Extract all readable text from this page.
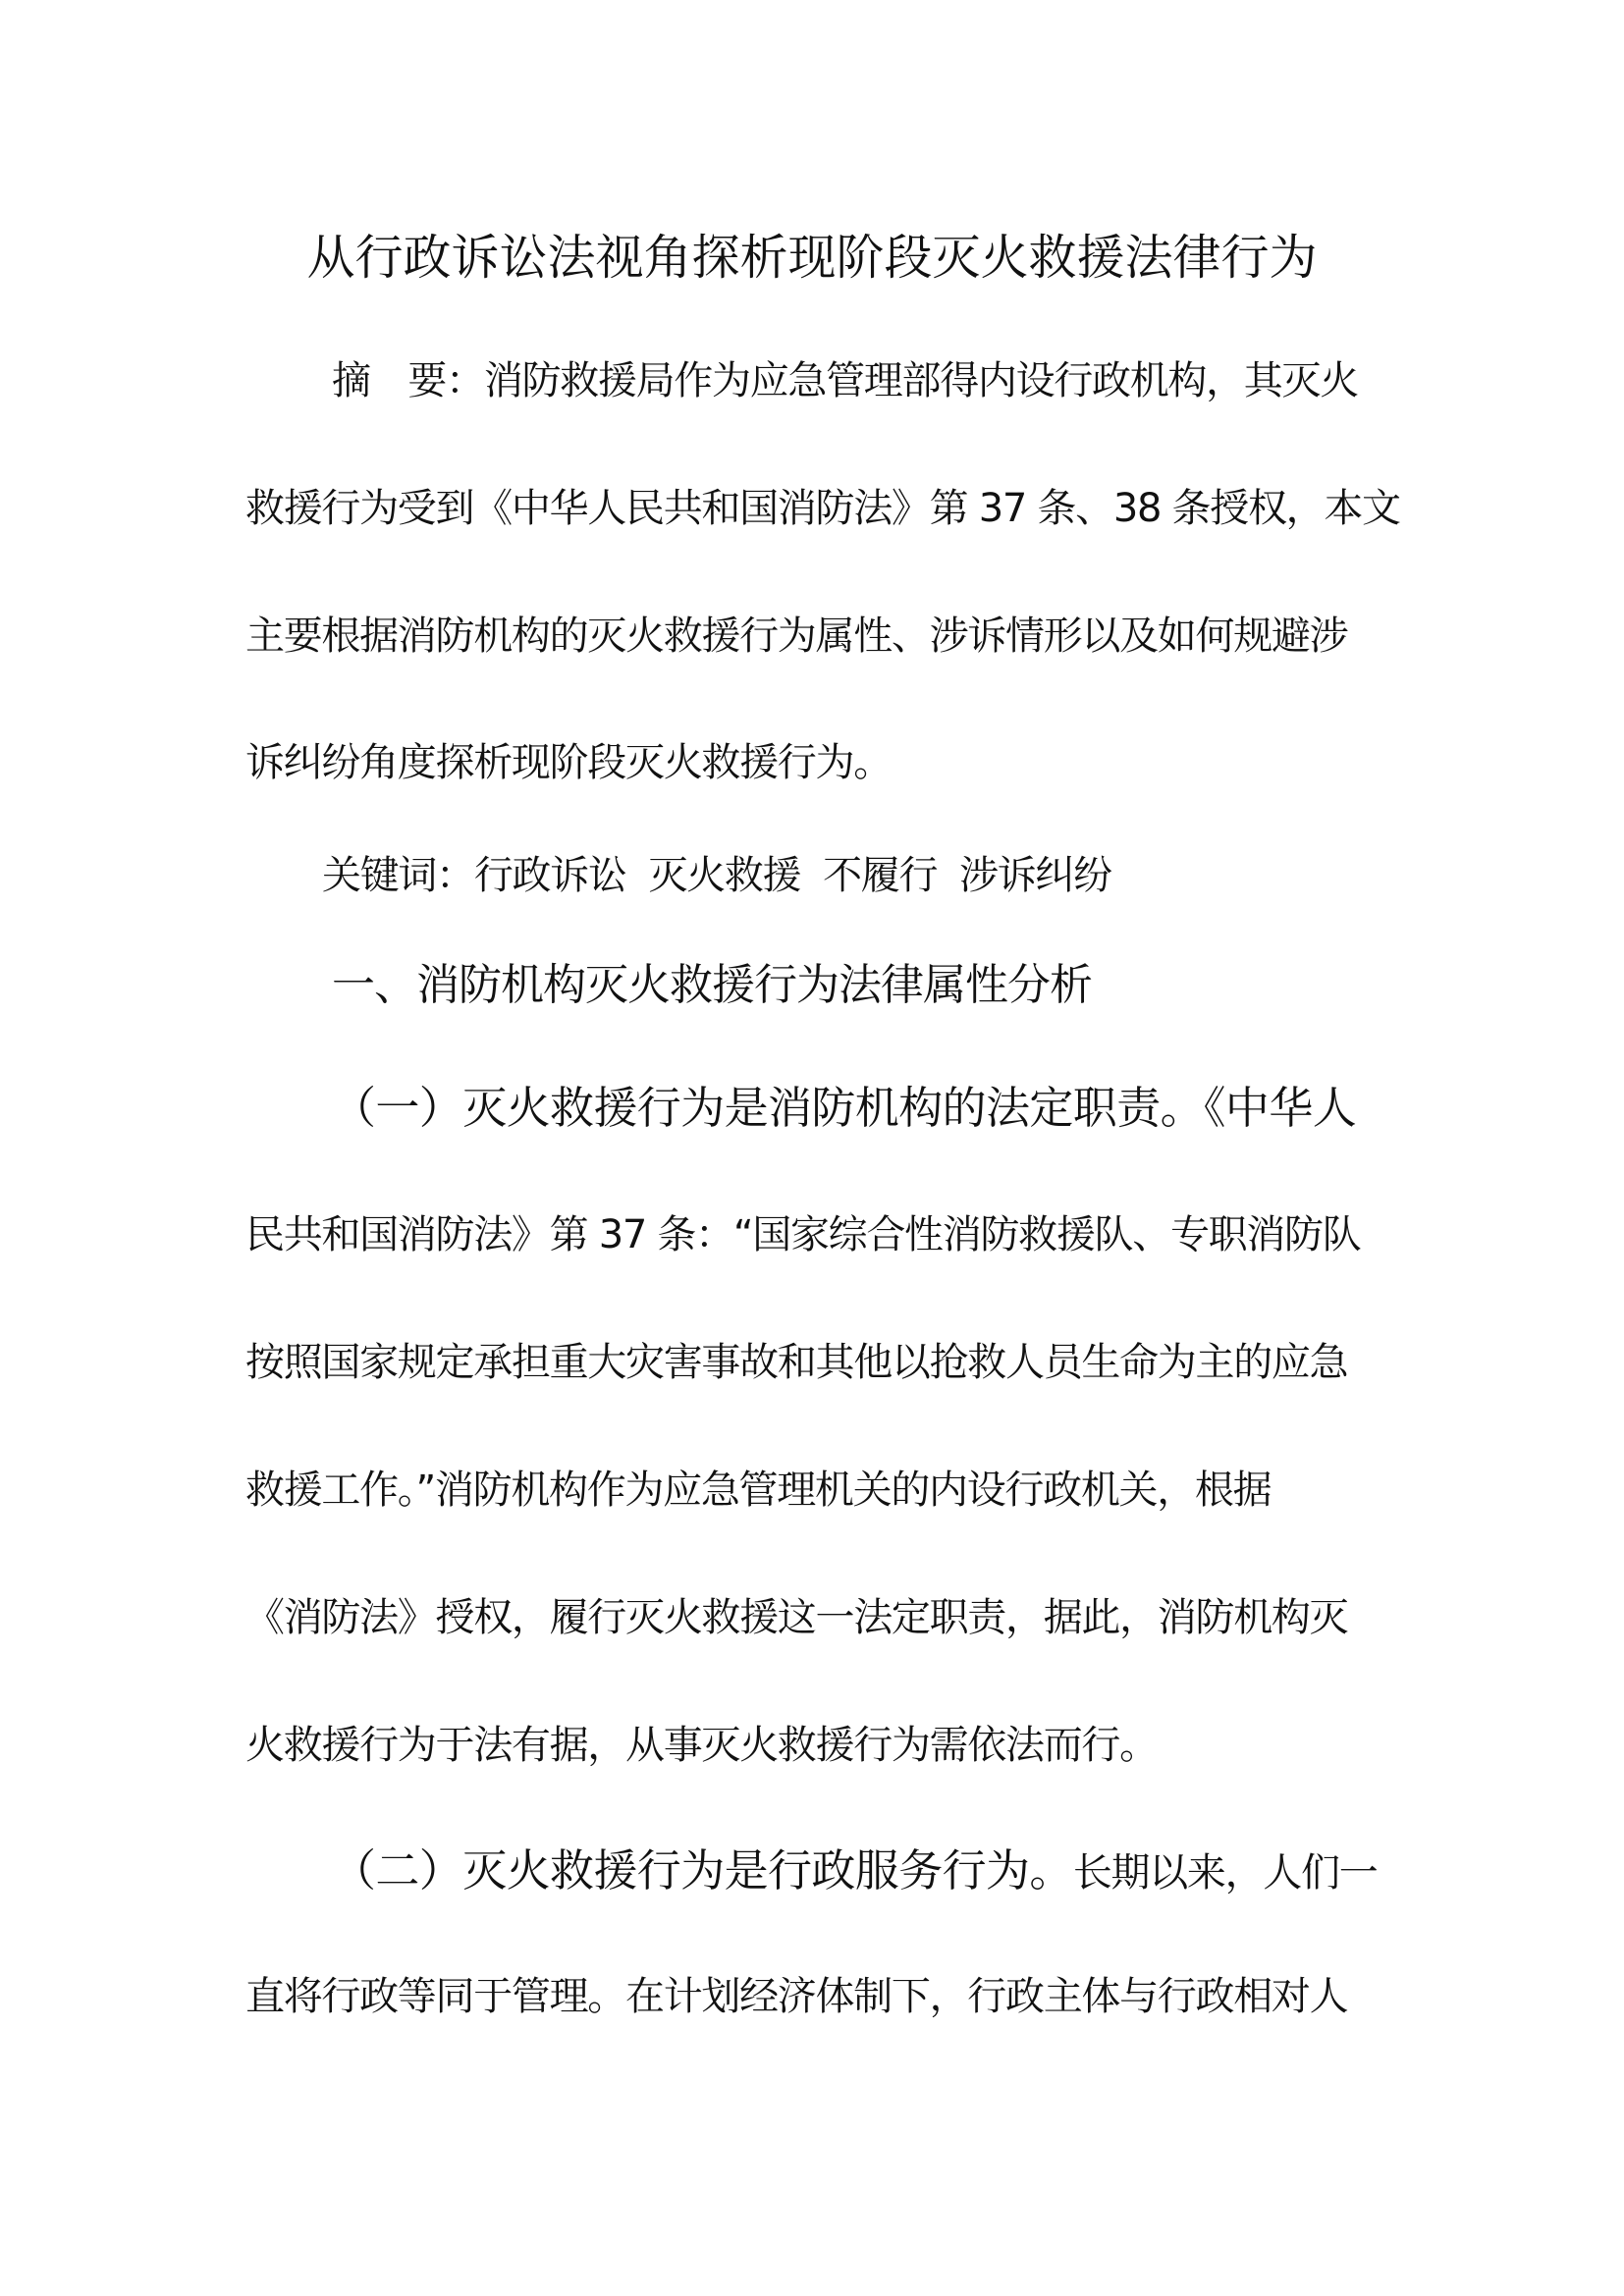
从行政诉讼法视角探析现阶段灭火救援法律行为
摘　要：消防救援局作为应急管理部得内设行政机构，其灭火
救援行为受到《中华人民共和国消防法》第 37 条、38 条授权，本文
主要根据消防机构的灭火救援行为属性、涉诉情形以及如何规避涉
诉纠纷角度探析现阶段灭火救援行为。
关键词：行政诉讼  灭火救援  不履行  涉诉纠纷
一、消防机构灭火救援行为法律属性分析
（一）灭火救援行为是消防机构的法定职责。《中华人
民共和国消防法》第 37 条：“国家综合性消防救援队、专职消防队
按照国家规定承担重大灾害事故和其他以抢救人员生命为主的应急
救援工作。”消防机构作为应急管理机关的内设行政机关，根据
《消防法》授权，履行灭火救援这一法定职责，据此，消防机构灭
火救援行为于法有据，从事灭火救援行为需依法而行。
（二）灭火救援行为是行政服务行为。长期以来，人们一
直将行政等同于管理。在计划经济体制下，行政主体与行政相对人
